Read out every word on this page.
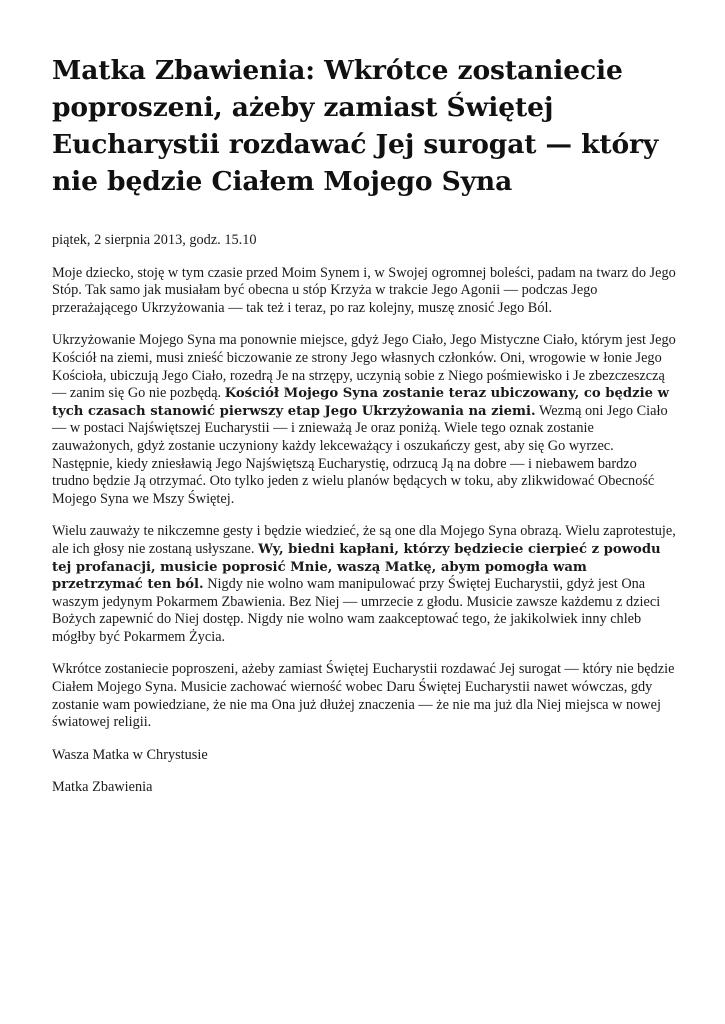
Matka Zbawienia: Wkrótce zostaniecie poproszeni, ażeby zamiast Świętej Eucharystii rozdawać Jej surogat — który nie będzie Ciałem Mojego Syna

piątek, 2 sierpnia 2013, godz. 15.10

Moje dziecko, stoję w tym czasie przed Moim Synem i, w Swojej ogromnej boleści, padam na twarz do Jego Stóp. Tak samo jak musiałam być obecna u stóp Krzyża w trakcie Jego Agonii — podczas Jego przerażającego Ukrzyżowania — tak też i teraz, po raz kolejny, muszę znosić Jego Ból.

Ukrzyżowanie Mojego Syna ma ponownie miejsce, gdyż Jego Ciało, Jego Mistyczne Ciało, którym jest Jego Kościół na ziemi, musi znieść biczowanie ze strony Jego własnych członków. Oni, wrogowie w łonie Jego Kościoła, ubiczują Jego Ciało, rozedrą Je na strzępy, uczynią sobie z Niego pośmiewisko i Je zbezczeszczą — zanim się Go nie pozbędą. Kościół Mojego Syna zostanie teraz ubiczowany, co będzie w tych czasach stanowić pierwszy etap Jego Ukrzyżowania na ziemi. Wezmą oni Jego Ciało — w postaci Najświętszej Eucharystii — i znieważą Je oraz poniżą. Wiele tego oznak zostanie zauważonych, gdyż zostanie uczyniony każdy lekceważący i oszukańczy gest, aby się Go wyrzec. Następnie, kiedy zniesławią Jego Najświętszą Eucharystię, odrzucą Ją na dobre — i niebawem bardzo trudno będzie Ją otrzymać. Oto tylko jeden z wielu planów będących w toku, aby zlikwidować Obecność Mojego Syna we Mszy Świętej.

Wielu zauważy te nikczemne gesty i będzie wiedzieć, że są one dla Mojego Syna obrazą. Wielu zaprotestuje, ale ich głosy nie zostaną usłyszane. Wy, biedni kapłani, którzy będziecie cierpieć z powodu tej profanacji, musicie poprosić Mnie, waszą Matkę, abym pomogła wam przetrzymać ten ból. Nigdy nie wolno wam manipulować przy Świętej Eucharystii, gdyż jest Ona waszym jedynym Pokarmem Zbawienia. Bez Niej — umrzecie z głodu. Musicie zawsze każdemu z dzieci Bożych zapewnić do Niej dostęp. Nigdy nie wolno wam zaakceptować tego, że jakikolwiek inny chleb mógłby być Pokarmem Życia.

Wkrótce zostaniecie poproszeni, ażeby zamiast Świętej Eucharystii rozdawać Jej surogat — który nie będzie Ciałem Mojego Syna. Musicie zachować wierność wobec Daru Świętej Eucharystii nawet wówczas, gdy zostanie wam powiedziane, że nie ma Ona już dłużej znaczenia — że nie ma już dla Niej miejsca w nowej światowej religii.

Wasza Matka w Chrystusie

Matka Zbawienia
